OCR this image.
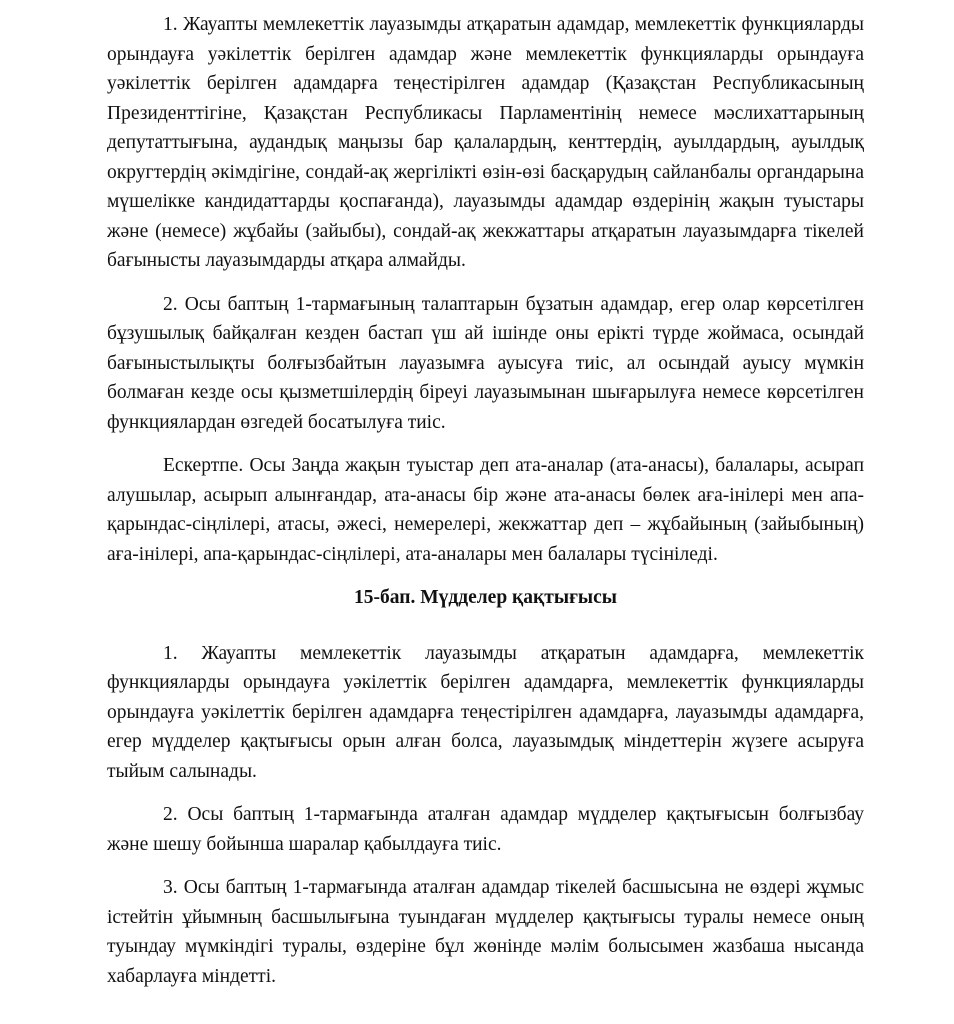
1. Жауапты мемлекеттік лауазымды атқаратын адамдар, мемлекеттік функцияларды орындауға уәкілеттік берілген адамдар және мемлекеттік функцияларды орындауға уәкілеттік берілген адамдарға теңестірілген адамдар (Қазақстан Республикасының Президенттігіне, Қазақстан Республикасы Парламентінің немесе мәслихаттарының депутаттығына, аудандық маңызы бар қалалардың, кенттердің, ауылдардың, ауылдық округтердің әкімдігіне, сондай-ақ жергілікті өзін-өзі басқарудың сайланбалы органдарына мүшелікке кандидаттарды қоспағанда), лауазымды адамдар өздерінің жақын туыстары және (немесе) жұбайы (зайыбы), сондай-ақ жекжаттары атқаратын лауазымдарға тікелей бағынысты лауазымдарды атқара алмайды.

2. Осы баптың 1-тармағының талаптарын бұзатын адамдар, егер олар көрсетілген бұзушылық байқалған кезден бастап үш ай ішінде оны ерікті түрде жоймаса, осындай бағыныстылықты болғызбайтын лауазымға ауысуға тиіс, ал осындай ауысу мүмкін болмаған кезде осы қызметшілердің біреуі лауазымынан шығарылуға немесе көрсетілген функциялардан өзгедей босатылуға тиіс.

Ескертпе. Осы Заңда жақын туыстар деп ата-аналар (ата-анасы), балалары, асырап алушылар, асырып алынғандар, ата-анасы бір және ата-анасы бөлек аға-інілері мен апа-қарындас-сіңлілері, атасы, әжесі, немерелері, жекжаттар деп – жұбайының (зайыбының) аға-інілері, апа-қарындас-сіңлілері, ата-аналары мен балалары түсініледі.

15-бап. Мүдделер қақтығысы

1. Жауапты мемлекеттік лауазымды атқаратын адамдарға, мемлекеттік функцияларды орындауға уәкілеттік берілген адамдарға, мемлекеттік функцияларды орындауға уәкілеттік берілген адамдарға теңестірілген адамдарға, лауазымды адамдарға, егер мүдделер қақтығысы орын алған болса, лауазымдық міндеттерін жүзеге асыруға тыйым салынады.

2. Осы баптың 1-тармағында аталған адамдар мүдделер қақтығысын болғызбау және шешу бойынша шаралар қабылдауға тиіс.

3. Осы баптың 1-тармағында аталған адамдар тікелей басшысына не өздері жұмыс істейтін ұйымның басшылығына туындаған мүдделер қақтығысы туралы немесе оның туындау мүмкіндігі туралы, өздеріне бұл жөнінде мәлім болысымен жазбаша нысанда хабарлауға міндетті.
